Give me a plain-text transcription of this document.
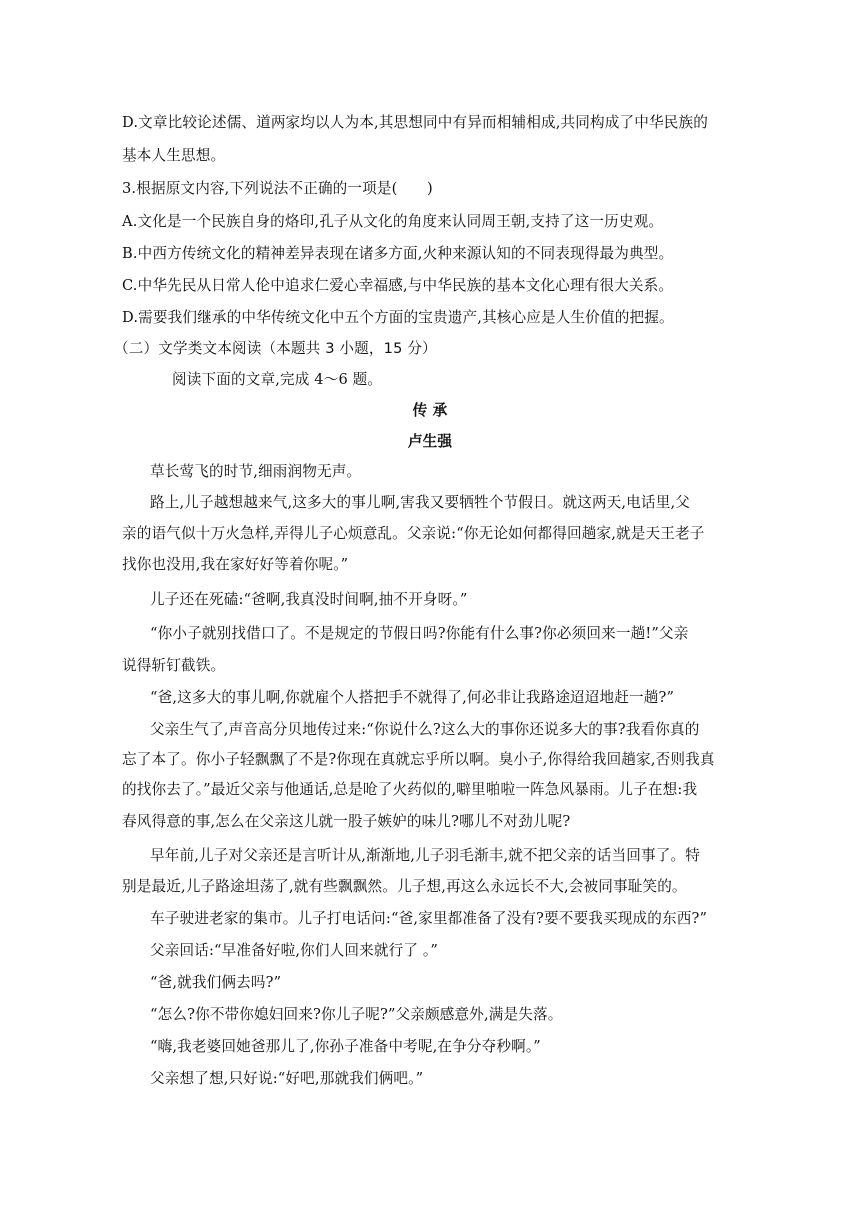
D.文章比较论述儒、道两家均以人为本,其思想同中有异而相辅相成,共同构成了中华民族的
基本人生思想。
3.根据原文内容,下列说法不正确的一项是(　　)
A.文化是一个民族自身的烙印,孔子从文化的角度来认同周王朝,支持了这一历史观。
B.中西方传统文化的精神差异表现在诸多方面,火种来源认知的不同表现得最为典型。
C.中华先民从日常人伦中追求仁爱心幸福感,与中华民族的基本文化心理有很大关系。
D.需要我们继承的中华传统文化中五个方面的宝贵遗产,其核心应是人生价值的把握。
（二）文学类文本阅读（本题共 3 小题，15 分）
阅读下面的文章,完成 4～6 题。
传 承
卢生强
草长莺飞的时节,细雨润物无声。
路上,儿子越想越来气,这多大的事儿啊,害我又要牺牲个节假日。就这两天,电话里,父
亲的语气似十万火急样,弄得儿子心烦意乱。父亲说:“你无论如何都得回趟家,就是天王老子
找你也没用,我在家好好等着你呢。”
儿子还在死磕:“爸啊,我真没时间啊,抽不开身呀。”
“你小子就别找借口了。不是规定的节假日吗?你能有什么事?你必须回来一趟!”父亲
说得斩钉截铁。
“爸,这多大的事儿啊,你就雇个人搭把手不就得了,何必非让我路途迢迢地赶一趟?”
父亲生气了,声音高分贝地传过来:“你说什么?这么大的事你还说多大的事?我看你真的
忘了本了。你小子轻飘飘了不是?你现在真就忘乎所以啊。臭小子,你得给我回趟家,否则我真
的找你去了。”最近父亲与他通话,总是呛了火药似的,噼里啪啦一阵急风暴雨。儿子在想:我
春风得意的事,怎么在父亲这儿就一股子嫉妒的味儿?哪儿不对劲儿呢?
早年前,儿子对父亲还是言听计从,渐渐地,儿子羽毛渐丰,就不把父亲的话当回事了。特
别是最近,儿子路途坦荡了,就有些飘飘然。儿子想,再这么永远长不大,会被同事耻笑的。
车子驶进老家的集市。儿子打电话问:“爸,家里都准备了没有?要不要我买现成的东西?”
父亲回话:“早准备好啦,你们人回来就行了 。”
“爸,就我们俩去吗?”
“怎么?你不带你媳妇回来?你儿子呢?”父亲颇感意外,满是失落。
“嗨,我老婆回她爸那儿了,你孙子准备中考呢,在争分夺秒啊。”
父亲想了想,只好说:“好吧,那就我们俩吧。”
